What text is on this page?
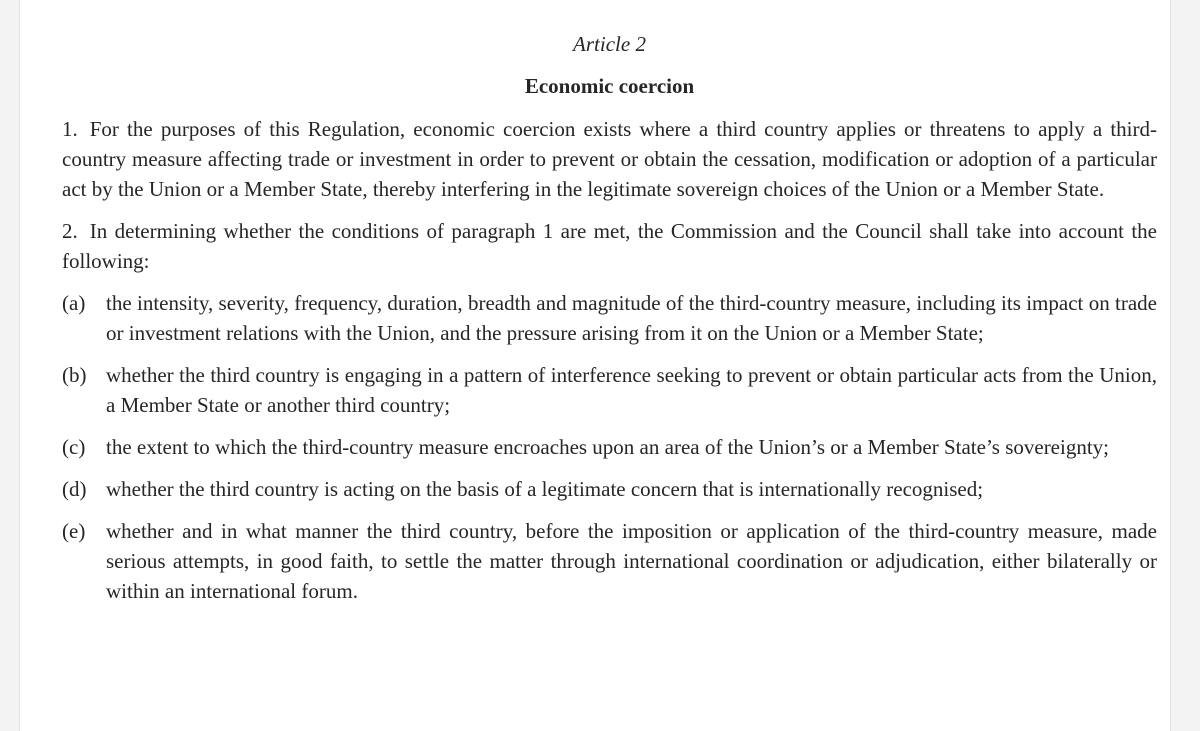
Article 2

Economic coercion

1. For the purposes of this Regulation, economic coercion exists where a third country applies or threatens to apply a third-country measure affecting trade or investment in order to prevent or obtain the cessation, modification or adoption of a particular act by the Union or a Member State, thereby interfering in the legitimate sovereign choices of the Union or a Member State.

2. In determining whether the conditions of paragraph 1 are met, the Commission and the Council shall take into account the following:

(a) the intensity, severity, frequency, duration, breadth and magnitude of the third-country measure, including its impact on trade or investment relations with the Union, and the pressure arising from it on the Union or a Member State;
(b) whether the third country is engaging in a pattern of interference seeking to prevent or obtain particular acts from the Union, a Member State or another third country;
(c) the extent to which the third-country measure encroaches upon an area of the Union’s or a Member State’s sovereignty;
(d) whether the third country is acting on the basis of a legitimate concern that is internationally recognised;
(e) whether and in what manner the third country, before the imposition or application of the third-country measure, made serious attempts, in good faith, to settle the matter through international coordination or adjudication, either bilaterally or within an international forum.
